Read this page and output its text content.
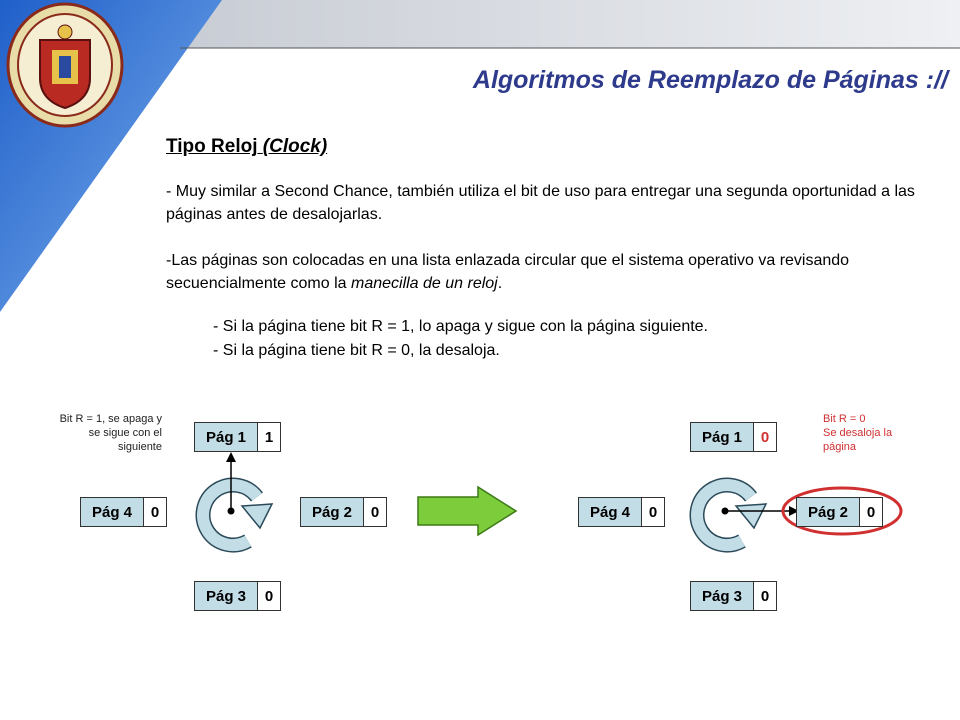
Algoritmos de Reemplazo de Páginas ://
Tipo Reloj (Clock)
- Muy similar a Second Chance, también utiliza el bit de uso para entregar una segunda oportunidad a las páginas antes de desalojarlas.
-Las páginas son colocadas en una lista enlazada circular que el sistema operativo va revisando secuencialmente como la manecilla de un reloj.
- Si la página tiene bit R = 1, lo apaga y sigue con la página siguiente.
- Si la página tiene bit R = 0, la desaloja.
Bit R = 1, se apaga y
se sigue con el
siguiente
Bit R = 0
Se desaloja la
página
Pág 1	1
Pág 2	0
Pág 3	0
Pág 4	0
Pág 1	0
Pág 2	0
Pág 3	0
Pág 4	0
